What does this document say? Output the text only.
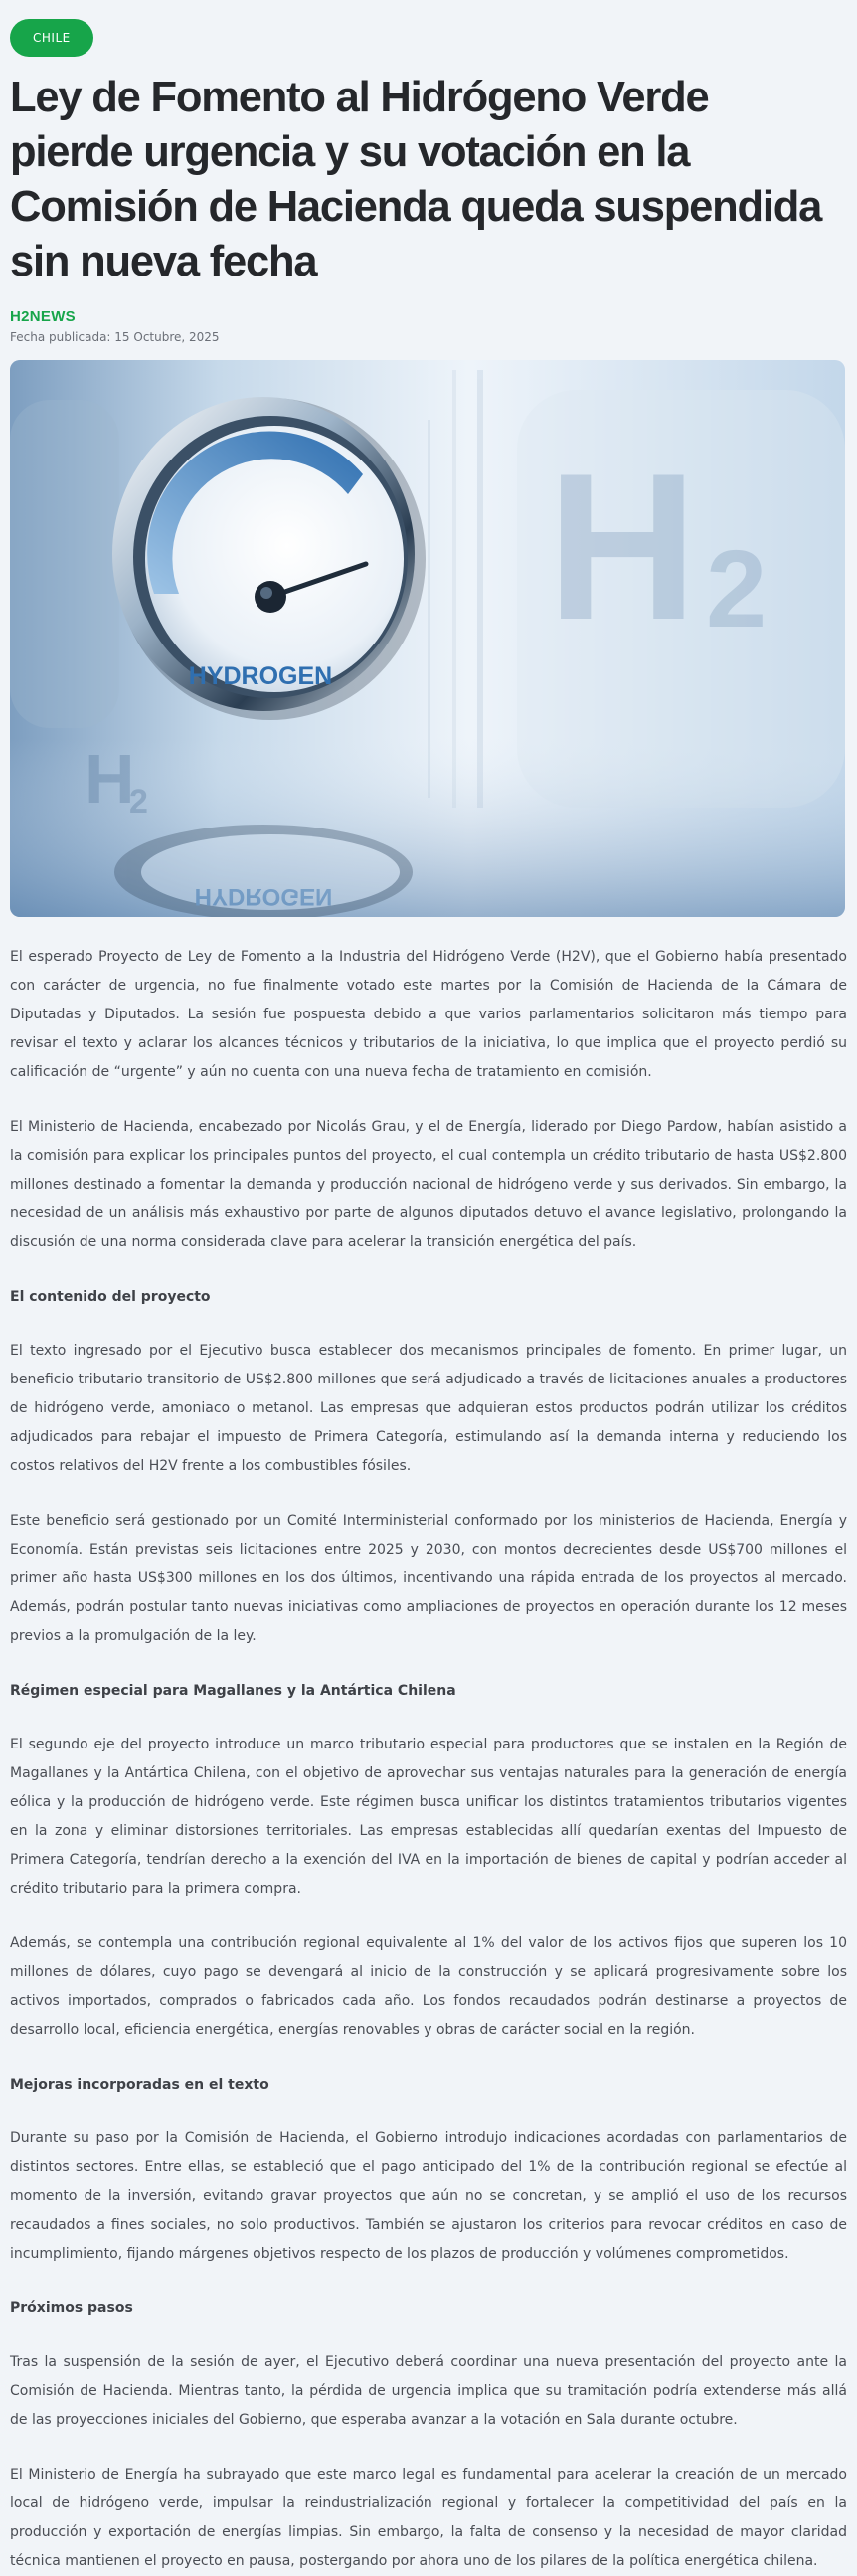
CHILE
Ley de Fomento al Hidrógeno Verde pierde urgencia y su votación en la Comisión de Hacienda queda suspendida sin nueva fecha
H2NEWS
Fecha publicada: 15 Octubre, 2025
H 2
H
2
HYDROGEN
HYDROGEN

El esperado Proyecto de Ley de Fomento a la Industria del Hidrógeno Verde (H2V), que el Gobierno había presentado con carácter de urgencia, no fue finalmente votado este martes por la Comisión de Hacienda de la Cámara de Diputadas y Diputados. La sesión fue pospuesta debido a que varios parlamentarios solicitaron más tiempo para revisar el texto y aclarar los alcances técnicos y tributarios de la iniciativa, lo que implica que el proyecto perdió su calificación de “urgente” y aún no cuenta con una nueva fecha de tratamiento en comisión.

El Ministerio de Hacienda, encabezado por Nicolás Grau, y el de Energía, liderado por Diego Pardow, habían asistido a la comisión para explicar los principales puntos del proyecto, el cual contempla un crédito tributario de hasta US$2.800 millones destinado a fomentar la demanda y producción nacional de hidrógeno verde y sus derivados. Sin embargo, la necesidad de un análisis más exhaustivo por parte de algunos diputados detuvo el avance legislativo, prolongando la discusión de una norma considerada clave para acelerar la transición energética del país.

El contenido del proyecto

El texto ingresado por el Ejecutivo busca establecer dos mecanismos principales de fomento. En primer lugar, un beneficio tributario transitorio de US$2.800 millones que será adjudicado a través de licitaciones anuales a productores de hidrógeno verde, amoniaco o metanol. Las empresas que adquieran estos productos podrán utilizar los créditos adjudicados para rebajar el impuesto de Primera Categoría, estimulando así la demanda interna y reduciendo los costos relativos del H2V frente a los combustibles fósiles.

Este beneficio será gestionado por un Comité Interministerial conformado por los ministerios de Hacienda, Energía y Economía. Están previstas seis licitaciones entre 2025 y 2030, con montos decrecientes desde US$700 millones el primer año hasta US$300 millones en los dos últimos, incentivando una rápida entrada de los proyectos al mercado. Además, podrán postular tanto nuevas iniciativas como ampliaciones de proyectos en operación durante los 12 meses previos a la promulgación de la ley.

Régimen especial para Magallanes y la Antártica Chilena

El segundo eje del proyecto introduce un marco tributario especial para productores que se instalen en la Región de Magallanes y la Antártica Chilena, con el objetivo de aprovechar sus ventajas naturales para la generación de energía eólica y la producción de hidrógeno verde. Este régimen busca unificar los distintos tratamientos tributarios vigentes en la zona y eliminar distorsiones territoriales. Las empresas establecidas allí quedarían exentas del Impuesto de Primera Categoría, tendrían derecho a la exención del IVA en la importación de bienes de capital y podrían acceder al crédito tributario para la primera compra.

Además, se contempla una contribución regional equivalente al 1% del valor de los activos fijos que superen los 10 millones de dólares, cuyo pago se devengará al inicio de la construcción y se aplicará progresivamente sobre los activos importados, comprados o fabricados cada año. Los fondos recaudados podrán destinarse a proyectos de desarrollo local, eficiencia energética, energías renovables y obras de carácter social en la región.

Mejoras incorporadas en el texto

Durante su paso por la Comisión de Hacienda, el Gobierno introdujo indicaciones acordadas con parlamentarios de distintos sectores. Entre ellas, se estableció que el pago anticipado del 1% de la contribución regional se efectúe al momento de la inversión, evitando gravar proyectos que aún no se concretan, y se amplió el uso de los recursos recaudados a fines sociales, no solo productivos. También se ajustaron los criterios para revocar créditos en caso de incumplimiento, fijando márgenes objetivos respecto de los plazos de producción y volúmenes comprometidos.

Próximos pasos

Tras la suspensión de la sesión de ayer, el Ejecutivo deberá coordinar una nueva presentación del proyecto ante la Comisión de Hacienda. Mientras tanto, la pérdida de urgencia implica que su tramitación podría extenderse más allá de las proyecciones iniciales del Gobierno, que esperaba avanzar a la votación en Sala durante octubre.

El Ministerio de Energía ha subrayado que este marco legal es fundamental para acelerar la creación de un mercado local de hidrógeno verde, impulsar la reindustrialización regional y fortalecer la competitividad del país en la producción y exportación de energías limpias. Sin embargo, la falta de consenso y la necesidad de mayor claridad técnica mantienen el proyecto en pausa, postergando por ahora uno de los pilares de la política energética chilena.
